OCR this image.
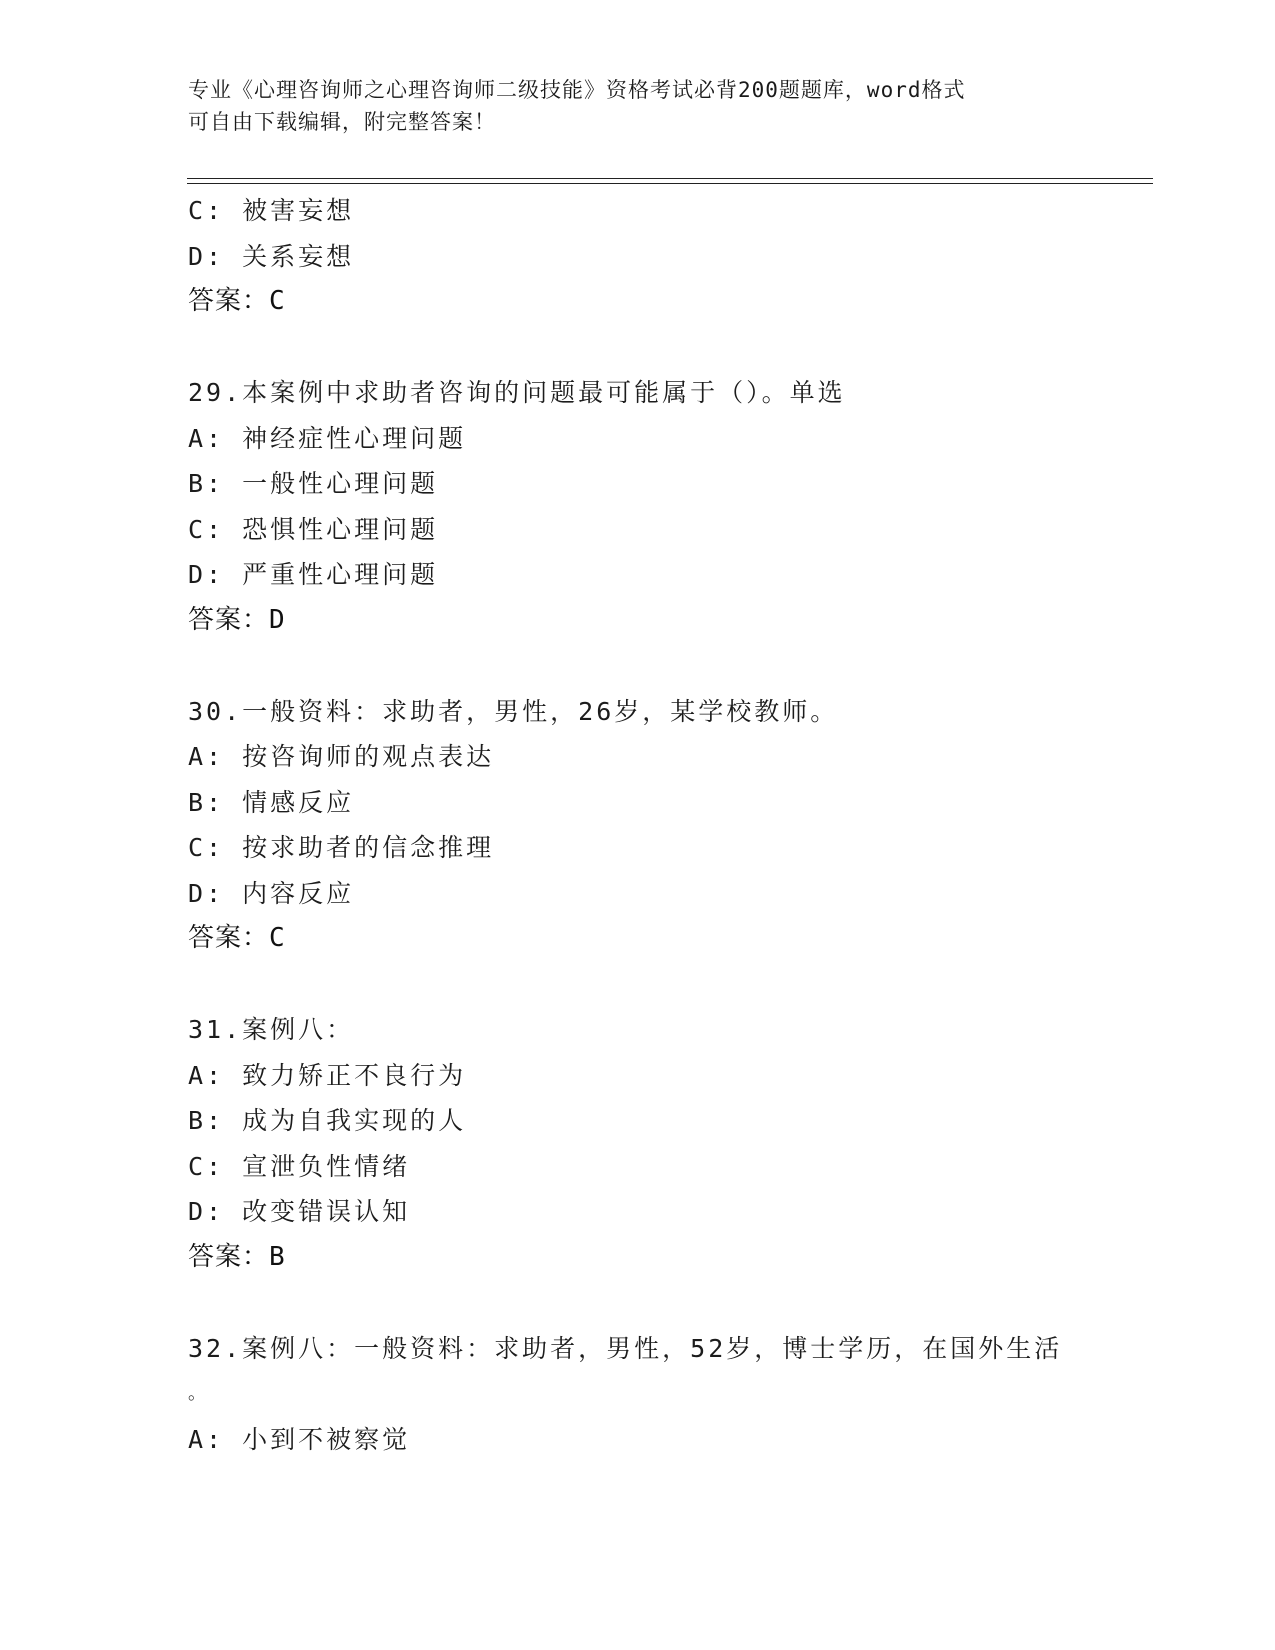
专业《心理咨询师之心理咨询师二级技能》资格考试必背200题题库，word格式
可自由下载编辑，附完整答案！
C: 被害妄想
D: 关系妄想
答案：C
29.本案例中求助者咨询的问题最可能属于（）。单选
A: 神经症性心理问题
B: 一般性心理问题
C: 恐惧性心理问题
D: 严重性心理问题
答案：D
30.一般资料：求助者，男性，26岁，某学校教师。
A: 按咨询师的观点表达
B: 情感反应
C: 按求助者的信念推理
D: 内容反应
答案：C
31.案例八：
A: 致力矫正不良行为
B: 成为自我实现的人
C: 宣泄负性情绪
D: 改变错误认知
答案：B
32.案例八：一般资料：求助者，男性，52岁，博士学历，在国外生活
。
A: 小到不被察觉
